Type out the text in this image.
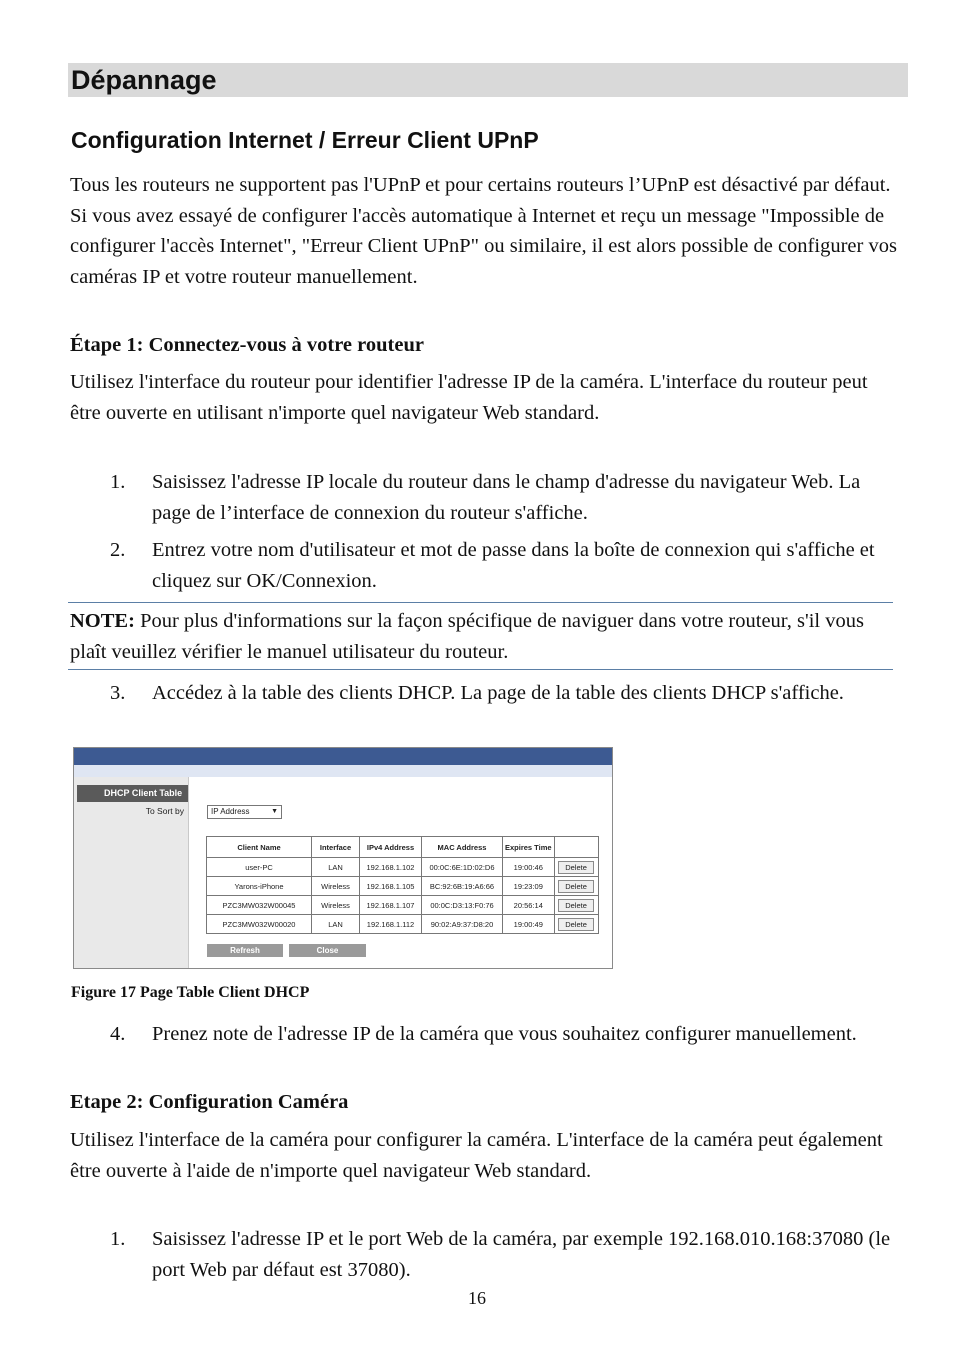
Dépannage
Configuration Internet / Erreur Client UPnP

Tous les routeurs ne supportent pas l'UPnP et pour certains routeurs l’UPnP est désactivé par défaut. Si vous avez essayé de configurer l'accès automatique à Internet et reçu un message "Impossible de configurer l'accès Internet", "Erreur Client UPnP" ou similaire, il est alors possible de configurer vos caméras IP et votre routeur manuellement.

Étape 1: Connectez-vous à votre routeur

Utilisez l'interface du routeur pour identifier l'adresse IP de la caméra. L'interface du routeur peut être ouverte en utilisant n'importe quel navigateur Web standard.

1. Saisissez l'adresse IP locale du routeur dans le champ d'adresse du navigateur Web. La page de l’interface de connexion du routeur s'affiche.
2. Entrez votre nom d'utilisateur et mot de passe dans la boîte de connexion qui s'affiche et cliquez sur OK/Connexion.
NOTE: Pour plus d'informations sur la façon spécifique de naviguer dans votre routeur, s'il vous plaît veuillez vérifier le manuel utilisateur du routeur.
3. Accédez à la table des clients DHCP. La page de la table des clients DHCP s'affiche.
DHCP Client Table
To Sort by	IP Address	▼
Client Name	Interface	IPv4 Address	MAC Address	Expires Time	
user-PC	LAN	192.168.1.102	00:0C:6E:1D:02:D6	19:00:46	Delete
Yarons-iPhone	Wireless	192.168.1.105	BC:92:6B:19:A6:66	19:23:09	Delete
PZC3MW032W00045	Wireless	192.168.1.107	00:0C:D3:13:F0:76	20:56:14	Delete
PZC3MW032W00020	LAN	192.168.1.112	90:02:A9:37:D8:20	19:00:49	Delete
Refresh	Close
Figure 17 Page Table Client DHCP
4. Prenez note de l'adresse IP de la caméra que vous souhaitez configurer manuellement.
Etape 2: Configuration Caméra

Utilisez l'interface de la caméra pour configurer la caméra. L'interface de la caméra peut également être ouverte à l'aide de n'importe quel navigateur Web standard.

1. Saisissez l'adresse IP et le port Web de la caméra, par exemple 192.168.010.168:37080 (le port Web par défaut est 37080).
16
